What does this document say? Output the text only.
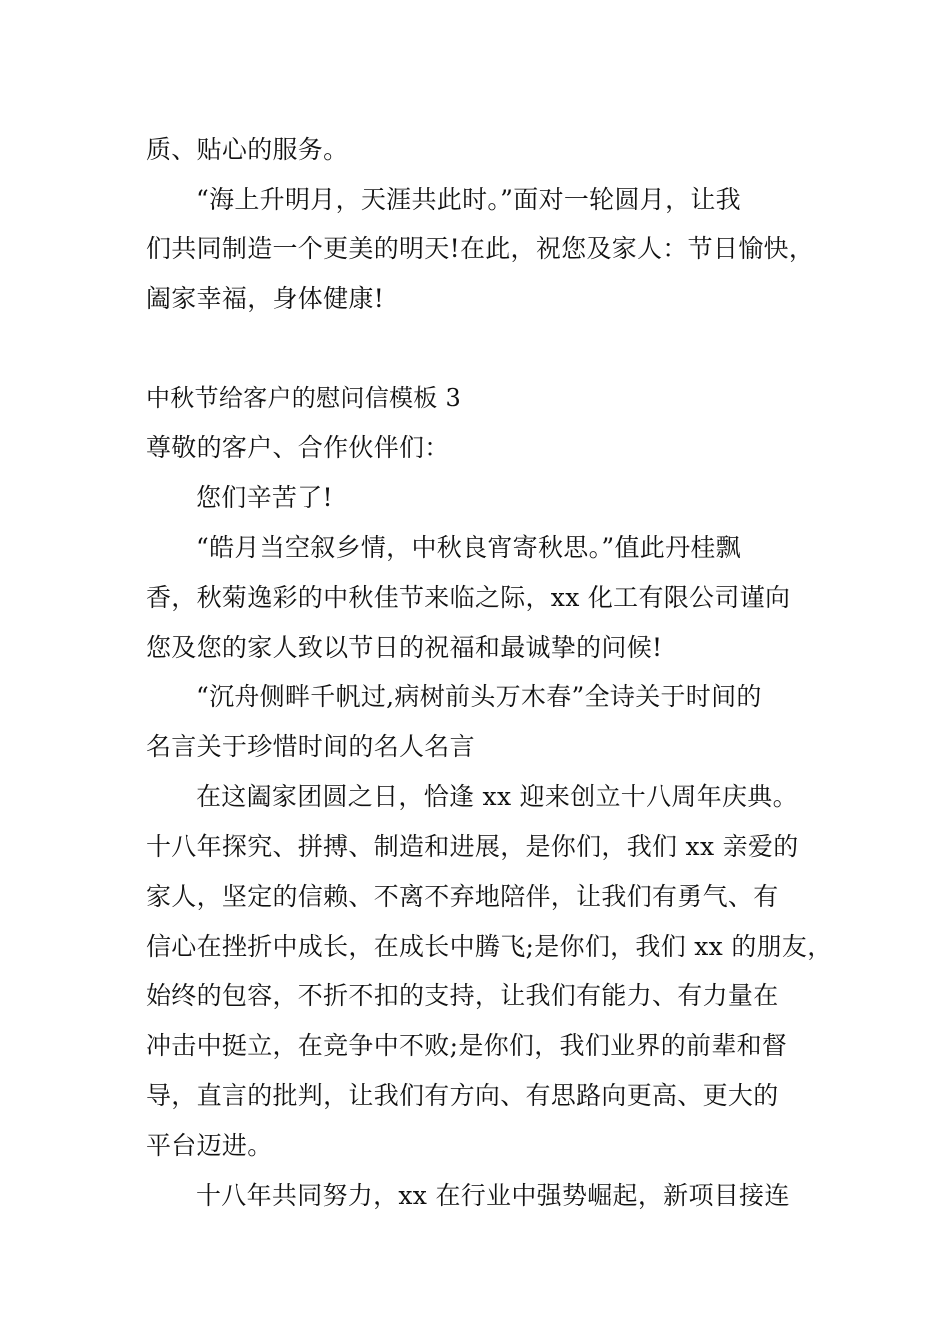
质、贴心的服务。
“海上升明月，天涯共此时。”面对一轮圆月，让我
们共同制造一个更美的明天!在此，祝您及家人：节日愉快，
阖家幸福，身体健康!
中秋节给客户的慰问信模板 3
尊敬的客户、合作伙伴们：
您们辛苦了!
“皓月当空叙乡情，中秋良宵寄秋思。”值此丹桂飘
香，秋菊逸彩的中秋佳节来临之际，xx 化工有限公司谨向
您及您的家人致以节日的祝福和最诚挚的问候!
“沉舟侧畔千帆过,病树前头万木春”全诗关于时间的
名言关于珍惜时间的名人名言
在这阖家团圆之日，恰逢 xx 迎来创立十八周年庆典。
十八年探究、拼搏、制造和进展，是你们，我们 xx 亲爱的
家人，坚定的信赖、不离不弃地陪伴，让我们有勇气、有
信心在挫折中成长，在成长中腾飞;是你们，我们 xx 的朋友，
始终的包容，不折不扣的支持，让我们有能力、有力量在
冲击中挺立，在竞争中不败;是你们，我们业界的前辈和督
导，直言的批判，让我们有方向、有思路向更高、更大的
平台迈进。
十八年共同努力，xx 在行业中强势崛起，新项目接连
